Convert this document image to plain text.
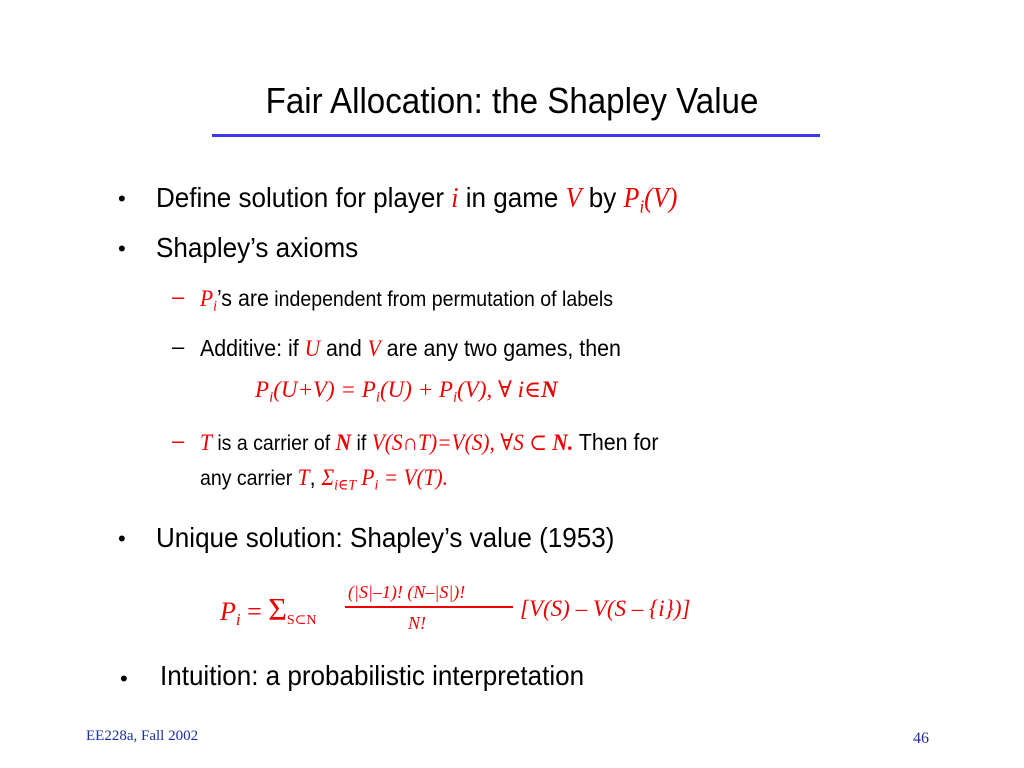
Fair Allocation: the Shapley Value
• Define solution for player i in game V by $P_i(V)$
• Shapley’s axioms
– $P_i’s$ are independent from permutation of labels
– Additive: if U and V are any two games, then
$P_i(U+V) = P_i(U) + P_i(V)$, ∀ i∈N
– T is a carrier of N if V(S∩T)=V(S), ∀S ⊂ N. Then for
any carrier T, $\Sigma_{i\in T}$ $P_i = V(T)$.
• Unique solution: Shapley’s value (1953)
$P_i = \Sigma_{S\subset N}$
(|S|–1)! (N–|S|)!
N!
[V(S) – V(S – {i})]
• Intuition: a probabilistic interpretation
EE228a, Fall 2002	46
